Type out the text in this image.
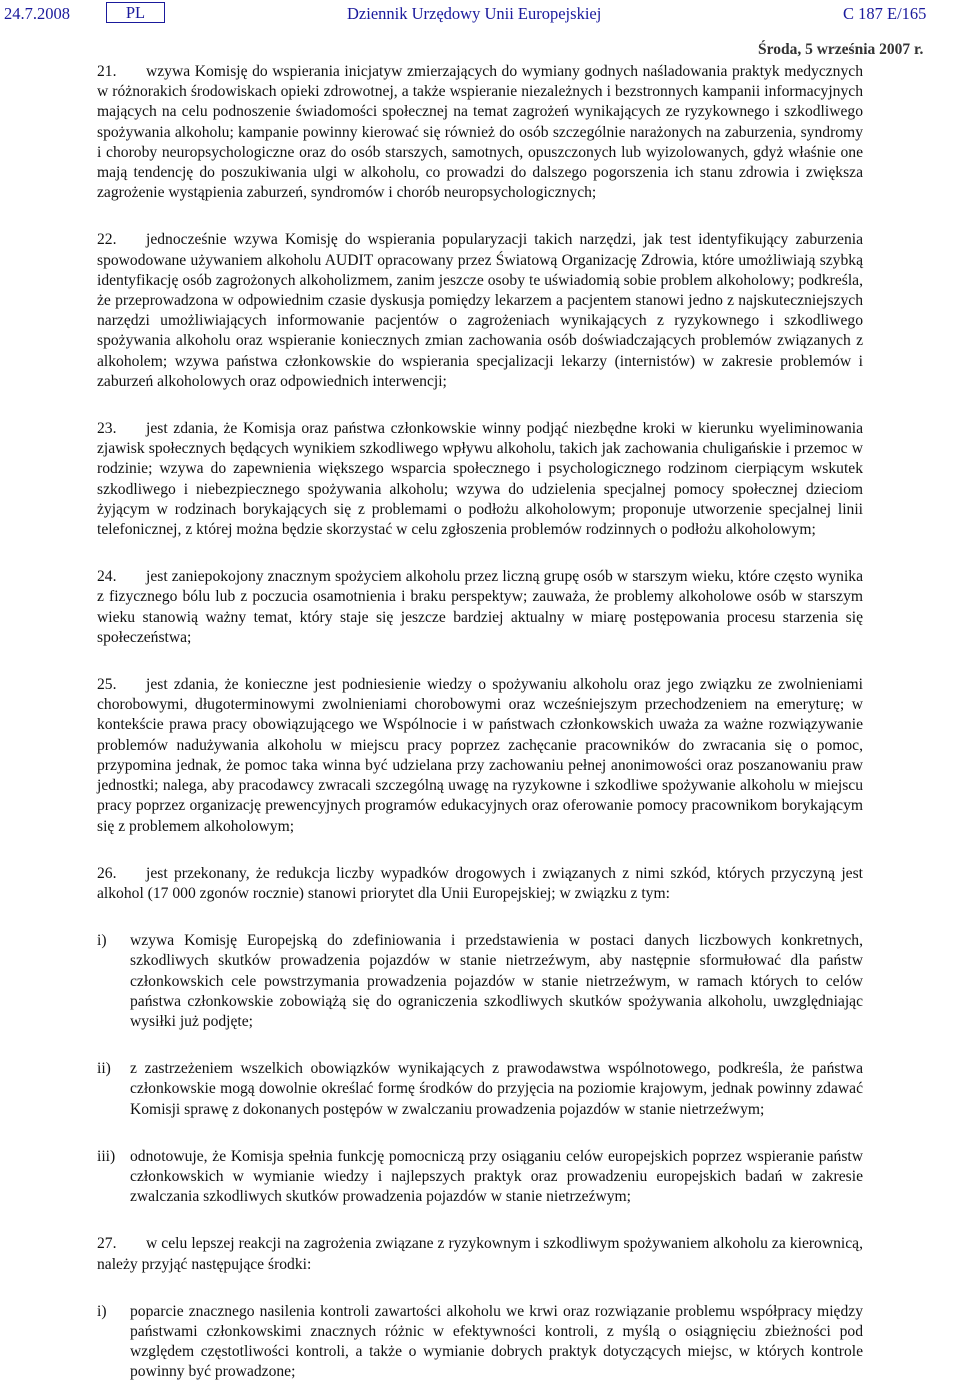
24.7.2008	PL	Dziennik Urzędowy Unii Europejskiej	C 187 E/165
Środa, 5 września 2007 r.

21. wzywa Komisję do wspierania inicjatyw zmierzających do wymiany godnych naśladowania praktyk medycznych w różnorakich środowiskach opieki zdrowotnej, a także wspieranie niezależnych i bezstronnych kampanii informacyjnych mających na celu podnoszenie świadomości społecznej na temat zagrożeń wynikających ze ryzykownego i szkodliwego spożywania alkoholu; kampanie powinny kierować się również do osób szczególnie narażonych na zaburzenia, syndromy i choroby neuropsychologiczne oraz do osób starszych, samotnych, opuszczonych lub wyizolowanych, gdyż właśnie one mają tendencję do poszukiwania ulgi w alkoholu, co prowadzi do dalszego pogorszenia ich stanu zdrowia i zwiększa zagrożenie wystąpienia zaburzeń, syndromów i chorób neuropsychologicznych;

22. jednocześnie wzywa Komisję do wspierania popularyzacji takich narzędzi, jak test identyfikujący zaburzenia spowodowane używaniem alkoholu AUDIT opracowany przez Światową Organizację Zdrowia, które umożliwiają szybką identyfikację osób zagrożonych alkoholizmem, zanim jeszcze osoby te uświadomią sobie problem alkoholowy; podkreśla, że przeprowadzona w odpowiednim czasie dyskusja pomiędzy lekarzem a pacjentem stanowi jedno z najskuteczniejszych narzędzi umożliwiających informowanie pacjentów o zagrożeniach wynikających z ryzykownego i szkodliwego spożywania alkoholu oraz wspieranie koniecznych zmian zachowania osób doświadczających problemów związanych z alkoholem; wzywa państwa członkowskie do wspierania specjalizacji lekarzy (internistów) w zakresie problemów i zaburzeń alkoholowych oraz odpowiednich interwencji;

23. jest zdania, że Komisja oraz państwa członkowskie winny podjąć niezbędne kroki w kierunku wyeliminowania zjawisk społecznych będących wynikiem szkodliwego wpływu alkoholu, takich jak zachowania chuligańskie i przemoc w rodzinie; wzywa do zapewnienia większego wsparcia społecznego i psychologicznego rodzinom cierpiącym wskutek szkodliwego i niebezpiecznego spożywania alkoholu; wzywa do udzielenia specjalnej pomocy społecznej dzieciom żyjącym w rodzinach borykających się z problemami o podłożu alkoholowym; proponuje utworzenie specjalnej linii telefonicznej, z której można będzie skorzystać w celu zgłoszenia problemów rodzinnych o podłożu alkoholowym;

24. jest zaniepokojony znacznym spożyciem alkoholu przez liczną grupę osób w starszym wieku, które często wynika z fizycznego bólu lub z poczucia osamotnienia i braku perspektyw; zauważa, że problemy alkoholowe osób w starszym wieku stanowią ważny temat, który staje się jeszcze bardziej aktualny w miarę postępowania procesu starzenia się społeczeństwa;

25. jest zdania, że konieczne jest podniesienie wiedzy o spożywaniu alkoholu oraz jego związku ze zwolnieniami chorobowymi, długoterminowymi zwolnieniami chorobowymi oraz wcześniejszym przechodzeniem na emeryturę; w kontekście prawa pracy obowiązującego we Wspólnocie i w państwach członkowskich uważa za ważne rozwiązywanie problemów nadużywania alkoholu w miejscu pracy poprzez zachęcanie pracowników do zwracania się o pomoc, przypomina jednak, że pomoc taka winna być udzielana przy zachowaniu pełnej anonimowości oraz poszanowaniu praw jednostki; nalega, aby pracodawcy zwracali szczególną uwagę na ryzykowne i szkodliwe spożywanie alkoholu w miejscu pracy poprzez organizację prewencyjnych programów edukacyjnych oraz oferowanie pomocy pracownikom borykającym się z problemem alkoholowym;

26. jest przekonany, że redukcja liczby wypadków drogowych i związanych z nimi szkód, których przyczyną jest alkohol (17 000 zgonów rocznie) stanowi priorytet dla Unii Europejskiej; w związku z tym:

i) wzywa Komisję Europejską do zdefiniowania i przedstawienia w postaci danych liczbowych konkretnych, szkodliwych skutków prowadzenia pojazdów w stanie nietrzeźwym, aby następnie sformułować dla państw członkowskich cele powstrzymania prowadzenia pojazdów w stanie nietrzeźwym, w ramach których to celów państwa członkowskie zobowiążą się do ograniczenia szkodliwych skutków spożywania alkoholu, uwzględniając wysiłki już podjęte;
ii) z zastrzeżeniem wszelkich obowiązków wynikających z prawodawstwa wspólnotowego, podkreśla, że państwa członkowskie mogą dowolnie określać formę środków do przyjęcia na poziomie krajowym, jednak powinny zdawać Komisji sprawę z dokonanych postępów w zwalczaniu prowadzenia pojazdów w stanie nietrzeźwym;
iii) odnotowuje, że Komisja spełnia funkcję pomocniczą przy osiąganiu celów europejskich poprzez wspieranie państw członkowskich w wymianie wiedzy i najlepszych praktyk oraz prowadzeniu europejskich badań w zakresie zwalczania szkodliwych skutków prowadzenia pojazdów w stanie nietrzeźwym;

27. w celu lepszej reakcji na zagrożenia związane z ryzykownym i szkodliwym spożywaniem alkoholu za kierownicą, należy przyjąć następujące środki:

i) poparcie znacznego nasilenia kontroli zawartości alkoholu we krwi oraz rozwiązanie problemu współpracy między państwami członkowskimi znacznych różnic w efektywności kontroli, z myślą o osiągnięciu zbieżności pod względem częstotliwości kontroli, a także o wymianie dobrych praktyk dotyczących miejsc, w których kontrole powinny być prowadzone;
